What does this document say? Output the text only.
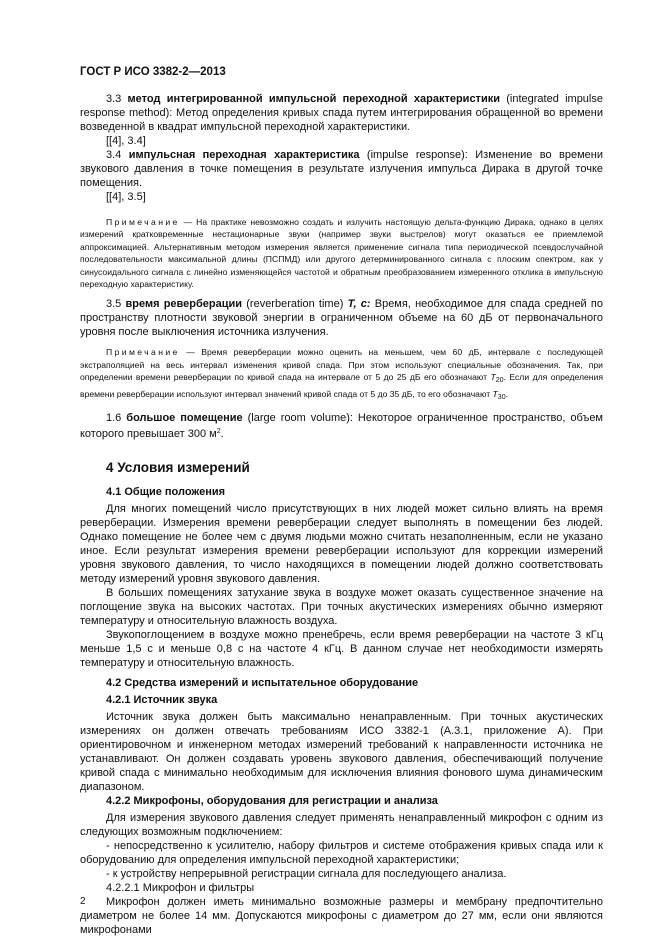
ГОСТ Р ИСО 3382-2—2013

3.3 метод интегрированной импульсной переходной характеристики (integrated impulse response method): Метод определения кривых спада путем интегрирования обращенной во времени возведенной в квадрат импульсной переходной характеристики.

[[4], 3.4]

3.4 импульсная переходная характеристика (impulse response): Изменение во времени звукового давления в точке помещения в результате излучения импульса Дирака в другой точке помещения.

[[4], 3.5]

Примечание — На практике невозможно создать и излучить настоящую дельта-функцию Дирака, однако в целях измерений кратковременные нестационарные звуки (например звуки выстрелов) могут оказаться ее приемлемой аппроксимацией. Альтернативным методом измерения является применение сигнала типа периодической псевдослучайной последовательности максимальной длины (ПСПМД) или другого детерминированного сигнала с плоским спектром, как у синусоидального сигнала с линейно изменяющейся частотой и обратным преобразованием измеренного отклика в импульсную переходную характеристику.

3.5 время реверберации (reverberation time) T, c: Время, необходимое для спада средней по пространству плотности звуковой энергии в ограниченном объеме на 60 дБ от первоначального уровня после выключения источника излучения.

Примечание — Время реверберации можно оценить на меньшем, чем 60 дБ, интервале с последующей экстраполяцией на весь интервал изменения кривой спада. При этом используют специальные обозначения. Так, при определении времени реверберации по кривой спада на интервале от 5 до 25 дБ его обозначают $T_{20}$. Если для определения времени реверберации используют интервал значений кривой спада от 5 до 35 дБ, то его обозначают $T_{30}$.

1.6 большое помещение (large room volume): Некоторое ограниченное пространство, объем которого превышает 300 $м^2$.

4 Условия измерений
4.1 Общие положения

Для многих помещений число присутствующих в них людей может сильно влиять на время реверберации. Измерения времени реверберации следует выполнять в помещении без людей. Однако помещение не более чем с двумя людьми можно считать незаполненным, если не указано иное. Если результат измерения времени реверберации используют для коррекции измерений уровня звукового давления, то число находящихся в помещении людей должно соответствовать методу измерений уровня звукового давления.

В больших помещениях затухание звука в воздухе может оказать существенное значение на поглощение звука на высоких частотах. При точных акустических измерениях обычно измеряют температуру и относительную влажность воздуха.

Звукопоглощением в воздухе можно пренебречь, если время реверберации на частоте 3 кГц меньше 1,5 с и меньше 0,8 с на частоте 4 кГц. В данном случае нет необходимости измерять температуру и относительную влажность.

4.2 Средства измерений и испытательное оборудование
4.2.1 Источник звука

Источник звука должен быть максимально ненаправленным. При точных акустических измерениях он должен отвечать требованиям ИСО 3382-1 (А.3.1, приложение А). При ориентировочном и инженерном методах измерений требований к направленности источника не устанавливают. Он должен создавать уровень звукового давления, обеспечивающий получение кривой спада с минимально необходимым для исключения влияния фонового шума динамическим диапазоном.

4.2.2 Микрофоны, оборудования для регистрации и анализа

Для измерения звукового давления следует применять ненаправленный микрофон с одним из следующих возможным подключением:

- непосредственно к усилителю, набору фильтров и системе отображения кривых спада или к оборудованию для определения импульсной переходной характеристики;

- к устройству непрерывной регистрации сигнала для последующего анализа.

4.2.2.1 Микрофон и фильтры

Микрофон должен иметь минимально возможные размеры и мембрану предпочтительно диаметром не более 14 мм. Допускаются микрофоны с диаметром до 27 мм, если они являются микрофонами

2
